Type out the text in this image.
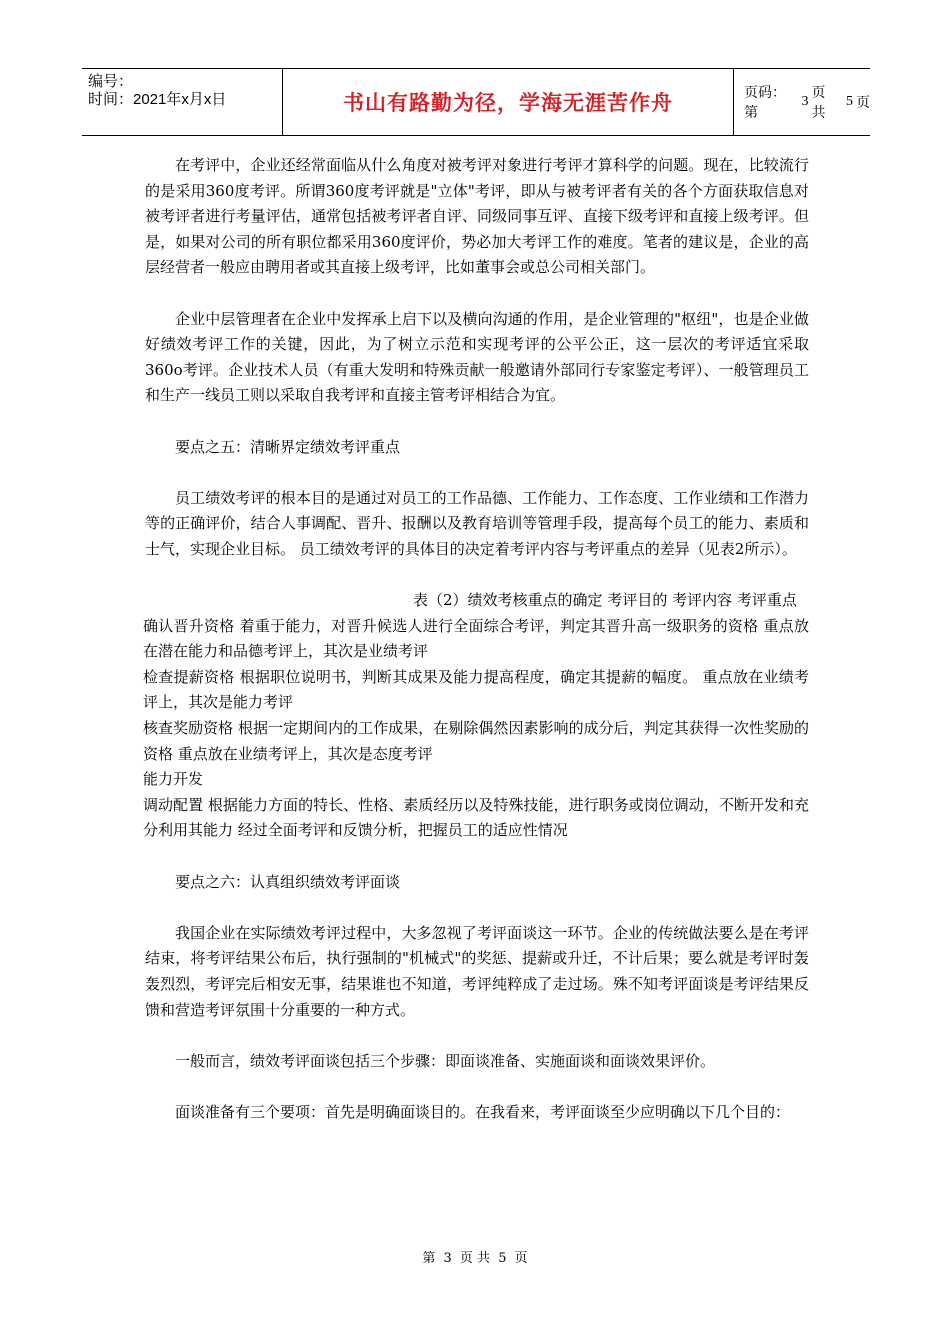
编号：
时间：2021年x月x日	书山有路勤为径，学海无涯苦作舟	页码：第
3
页 共
5 页

在考评中，企业还经常面临从什么角度对被考评对象进行考评才算科学的问题。现在，比较流行的是采用360度考评。所谓360度考评就是"立体"考评，即从与被考评者有关的各个方面获取信息对被考评者进行考量评估，通常包括被考评者自评、同级同事互评、直接下级考评和直接上级考评。但是，如果对公司的所有职位都采用360度评价，势必加大考评工作的难度。笔者的建议是，企业的高层经营者一般应由聘用者或其直接上级考评，比如董事会或总公司相关部门。

企业中层管理者在企业中发挥承上启下以及横向沟通的作用，是企业管理的"枢纽"，也是企业做好绩效考评工作的关键，因此，为了树立示范和实现考评的公平公正，这一层次的考评适宜采取360o考评。企业技术人员（有重大发明和特殊贡献一般邀请外部同行专家鉴定考评）、一般管理员工和生产一线员工则以采取自我考评和直接主管考评相结合为宜。

要点之五：清晰界定绩效考评重点

员工绩效考评的根本目的是通过对员工的工作品德、工作能力、工作态度、工作业绩和工作潜力等的正确评价，结合人事调配、晋升、报酬以及教育培训等管理手段，提高每个员工的能力、素质和士气，实现企业目标。 员工绩效考评的具体目的决定着考评内容与考评重点的差异（见表2所示）。

表（2）绩效考核重点的确定 考评目的 考评内容 考评重点

确认晋升资格 着重于能力，对晋升候选人进行全面综合考评，判定其晋升高一级职务的资格 重点放在潜在能力和品德考评上，其次是业绩考评

检查提薪资格 根据职位说明书，判断其成果及能力提高程度，确定其提薪的幅度。 重点放在业绩考评上，其次是能力考评

核查奖励资格 根据一定期间内的工作成果，在剔除偶然因素影响的成分后，判定其获得一次性奖励的资格 重点放在业绩考评上，其次是态度考评

能力开发

调动配置 根据能力方面的特长、性格、素质经历以及特殊技能，进行职务或岗位调动，不断开发和充分利用其能力 经过全面考评和反馈分析，把握员工的适应性情况

要点之六：认真组织绩效考评面谈

我国企业在实际绩效考评过程中，大多忽视了考评面谈这一环节。企业的传统做法要么是在考评结束，将考评结果公布后，执行强制的"机械式"的奖惩、提薪或升迁，不计后果；要么就是考评时轰轰烈烈，考评完后相安无事，结果谁也不知道，考评纯粹成了走过场。殊不知考评面谈是考评结果反馈和营造考评氛围十分重要的一种方式。

一般而言，绩效考评面谈包括三个步骤：即面谈准备、实施面谈和面谈效果评价。

面谈准备有三个要项：首先是明确面谈目的。在我看来，考评面谈至少应明确以下几个目的：

第 3 页 共 5 页
